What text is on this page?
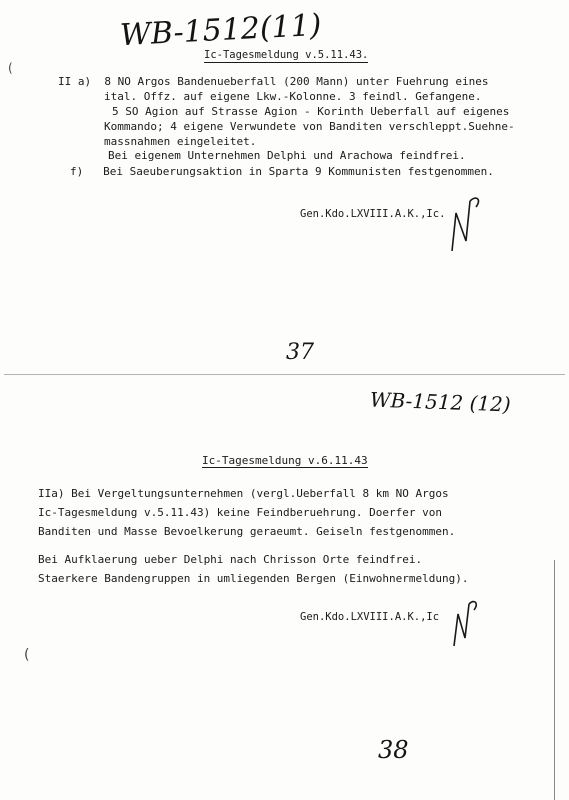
WB-1512(11)
(
(
Ic-Tagesmeldung v.5.11.43.
II a)  8 NO Argos Bandenueberfall (200 Mann) unter Fuehrung eines
ital. Offz. auf eigene Lkw.-Kolonne. 3 feindl. Gefangene.
5 SO Agion auf Strasse Agion - Korinth Ueberfall auf eigenes
Kommando; 4 eigene Verwundete von Banditen verschleppt.Suehne-
massnahmen eingeleitet.
Bei eigenem Unternehmen Delphi und Arachowa feindfrei.
f)   Bei Saeuberungsaktion in Sparta 9 Kommunisten festgenommen.
Gen.Kdo.LXVIII.A.K.,Ic.
37
WB-1512 (12)
Ic-Tagesmeldung v.6.11.43
IIa) Bei Vergeltungsunternehmen (vergl.Ueberfall 8 km NO Argos
Ic-Tagesmeldung v.5.11.43) keine Feindberuehrung. Doerfer von
Banditen und Masse Bevoelkerung geraeumt. Geiseln festgenommen.
Bei Aufklaerung ueber Delphi nach Chrisson Orte feindfrei.
Staerkere Bandengruppen in umliegenden Bergen (Einwohnermeldung).
Gen.Kdo.LXVIII.A.K.,Ic
38
